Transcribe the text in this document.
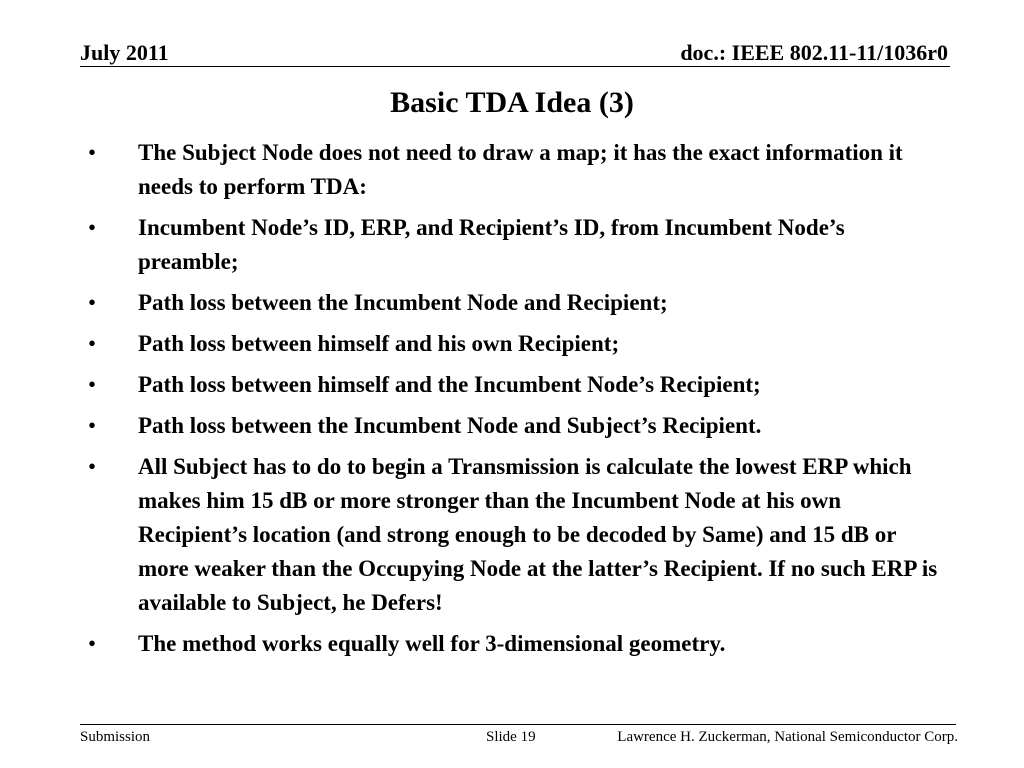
July 2011	doc.: IEEE 802.11-11/1036r0
Basic TDA Idea (3)
• The Subject Node does not need to draw a map; it has the exact information it needs to perform TDA:
• Incumbent Node’s ID, ERP, and Recipient’s ID, from Incumbent Node’s preamble;
• Path loss between the Incumbent Node and Recipient;
• Path loss between himself and his own Recipient;
• Path loss between himself and the Incumbent Node’s Recipient;
• Path loss between the Incumbent Node and Subject’s Recipient.
• All Subject has to do to begin a Transmission is calculate the lowest ERP which makes him 15 dB or more stronger than the Incumbent Node at his own Recipient’s location (and strong enough to be decoded by Same) and 15 dB or more weaker than the Occupying Node at the latter’s Recipient. If no such ERP is available to Subject, he Defers!
• The method works equally well for 3-dimensional geometry.
Submission	Slide 19	Lawrence H. Zuckerman, National Semiconductor Corp.
